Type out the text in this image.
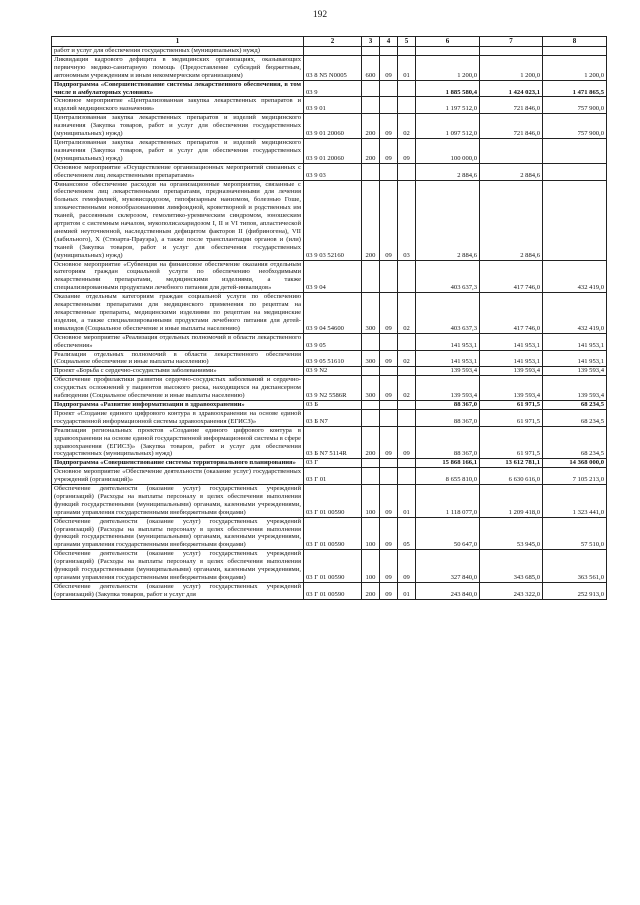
192
1	2	3	4	5	6	7	8
работ и услуг для обеспечения государственных (муниципальных) нужд)							
Ликвидация кадрового дефицита в медицинских организациях, оказывающих первичную медико-санитарную помощь (Предоставление субсидий бюджетным, автономным учреждениям и иным некоммерческим организациям)	03 8 N5 N0005	600	09	01	1 200,0	1 200,0	1 200,0
Подпрограмма «Совершенствование системы лекарственного обеспечения, в том числе в амбулаторных условиях»	03 9				1 885 580,4	1 424 023,1	1 471 865,5
Основное мероприятие «Централизованная закупка лекарственных препаратов и изделий медицинского назначения»	03 9 01				1 197 512,0	721 846,0	757 900,0
Централизованная закупка лекарственных препаратов и изделий медицинского назначения (Закупка товаров, работ и услуг для обеспечения государственных (муниципальных) нужд)	03 9 01 20060	200	09	02	1 097 512,0	721 846,0	757 900,0
Централизованная закупка лекарственных препаратов и изделий медицинского назначения (Закупка товаров, работ и услуг для обеспечения государственных (муниципальных) нужд)	03 9 01 20060	200	09	09	100 000,0		
Основное мероприятие «Осуществление организационных мероприятий связанных с обеспечением лиц лекарственными препаратами»	03 9 03				2 884,6	2 884,6	
Финансовое обеспечение расходов на организационные мероприятия, связанные с обеспечением лиц лекарственными препаратами, предназначенными для лечения больных гемофилией, муковисцидозом, гипофизарным нанизмом, болезнью Гоше, злокачественными новообразованиями лимфоидной, кроветворной и родственных им тканей, рассеянным склерозом, гемолитико-уремическим синдромом, юношеским артритом с системным началом, мукополисахаридозом I, II и VI типов, апластической анемией неуточненной, наследственным дефицитом факторов II (фибриногена), VII (лабильного), X (Стюарта-Прауэра), а также после трансплантации органов и (или) тканей (Закупка товаров, работ и услуг для обеспечения государственных (муниципальных) нужд)	03 9 03 52160	200	09	03	2 884,6	2 884,6	
Основное мероприятие «Субвенция на финансовое обеспечение оказания отдельным категориям граждан социальной услуги по обеспечению необходимыми лекарственными препаратами, медицинскими изделиями, а также специализированными продуктами лечебного питания для детей-инвалидов»	03 9 04				403 637,3	417 746,0	432 419,0
Оказание отдельным категориям граждан социальной услуги по обеспечению лекарственными препаратами для медицинского применения по рецептам на лекарственные препараты, медицинскими изделиями по рецептам на медицинские изделия, а также специализированными продуктами лечебного питания для детей-инвалидов (Социальное обеспечение и иные выплаты населению)	03 9 04 54600	300	09	02	403 637,3	417 746,0	432 419,0
Основное мероприятие «Реализация отдельных полномочий в области лекарственного обеспечения»	03 9 05				141 953,1	141 953,1	141 953,1
Реализация отдельных полномочий в области лекарственного обеспечения (Социальное обеспечение и иные выплаты населению)	03 9 05 51610	300	09	02	141 953,1	141 953,1	141 953,1
Проект «Борьба с сердечно-сосудистыми заболеваниями»	03 9 N2				139 593,4	139 593,4	139 593,4
Обеспечение профилактики развития сердечно-сосудистых заболеваний и сердечно-сосудистых осложнений у пациентов высокого риска, находящихся на диспансерном наблюдении (Социальное обеспечение и иные выплаты населению)	03 9 N2 5586R	300	09	02	139 593,4	139 593,4	139 593,4
Подпрограмма «Развитие информатизации в здравоохранении»	03 Б				88 367,0	61 971,5	68 234,5
Проект «Создание единого цифрового контура в здравоохранении на основе единой государственной информационной системы здравоохранения (ЕГИСЗ)»	03 Б N7				88 367,0	61 971,5	68 234,5
Реализация региональных проектов «Создание единого цифрового контура в здравоохранении на основе единой государственной информационной системы в сфере здравоохранения (ЕГИСЗ)» (Закупка товаров, работ и услуг для обеспечения государственных (муниципальных) нужд)	03 Б N7 5114R	200	09	09	88 367,0	61 971,5	68 234,5
Подпрограмма «Совершенствование системы территориального планирования»	03 Г				15 868 166,1	13 612 781,1	14 368 000,0
Основное мероприятие «Обеспечение деятельности (оказание услуг) государственных учреждений (организаций)»	03 Г 01				8 655 810,0	6 630 616,0	7 105 213,0
Обеспечение деятельности (оказание услуг) государственных учреждений (организаций) (Расходы на выплаты персоналу в целях обеспечения выполнения функций государственными (муниципальными) органами, казенными учреждениями, органами управления государственными внебюджетными фондами)	03 Г 01 00590	100	09	01	1 118 077,0	1 209 418,0	1 323 441,0
Обеспечение деятельности (оказание услуг) государственных учреждений (организаций) (Расходы на выплаты персоналу в целях обеспечения выполнения функций государственными (муниципальными) органами, казенными учреждениями, органами управления государственными внебюджетными фондами)	03 Г 01 00590	100	09	05	50 647,0	53 945,0	57 510,0
Обеспечение деятельности (оказание услуг) государственных учреждений (организаций) (Расходы на выплаты персоналу в целях обеспечения выполнения функций государственными (муниципальными) органами, казенными учреждениями, органами управления государственными внебюджетными фондами)	03 Г 01 00590	100	09	09	327 840,0	343 685,0	363 561,0
Обеспечение деятельности (оказание услуг) государственных учреждений (организаций) (Закупка товаров, работ и услуг для	03 Г 01 00590	200	09	01	243 840,0	243 322,0	252 913,0
